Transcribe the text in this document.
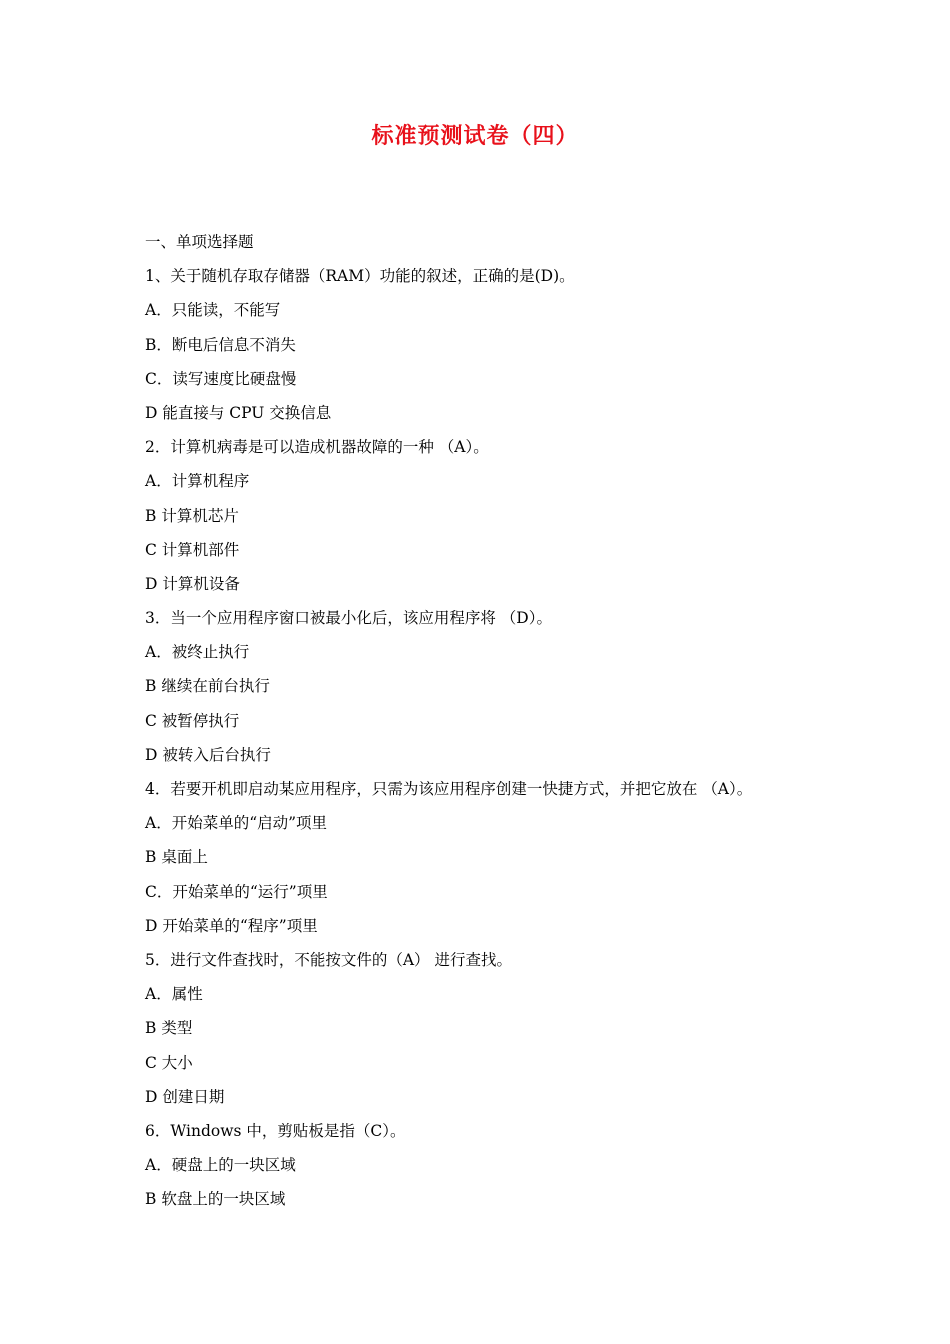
标准预测试卷（四）
一、单项选择题
1、关于随机存取存储器（RAM）功能的叙述，正确的是(D)。
A．只能读，不能写
B．断电后信息不消失
C．读写速度比硬盘慢
D 能直接与 CPU 交换信息
2．计算机病毒是可以造成机器故障的一种 （A）。
A．计算机程序
B 计算机芯片
C 计算机部件
D 计算机设备
3．当一个应用程序窗口被最小化后，该应用程序将 （D）。
A．被终止执行
B 继续在前台执行
C 被暂停执行
D 被转入后台执行
4．若要开机即启动某应用程序，只需为该应用程序创建一快捷方式，并把它放在 （A）。
A．开始菜单的“启动”项里
B 桌面上
C．开始菜单的“运行”项里
D 开始菜单的“程序”项里
5．进行文件查找时，不能按文件的（A） 进行查找。
A．属性
B 类型
C 大小
D 创建日期
6．Windows 中，剪贴板是指（C）。
A．硬盘上的一块区域
B 软盘上的一块区域
